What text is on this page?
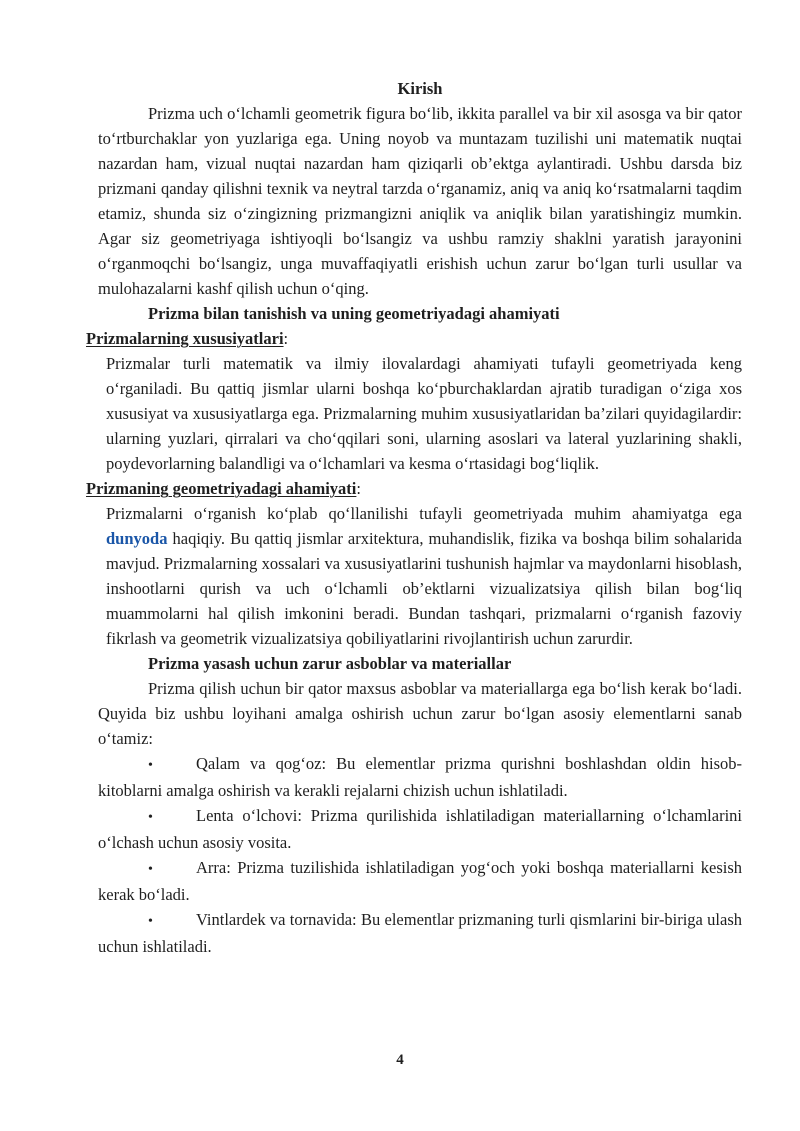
Kirish

Prizma uch o‘lchamli geometrik figura bo‘lib, ikkita parallel va bir xil asosga va bir qator to‘rtburchaklar yon yuzlariga ega. Uning noyob va muntazam tuzilishi uni matematik nuqtai nazardan ham, vizual nuqtai nazardan ham qiziqarli ob’ektga aylantiradi. Ushbu darsda biz prizmani qanday qilishni texnik va neytral tarzda o‘rganamiz, aniq va aniq ko‘rsatmalarni taqdim etamiz, shunda siz o‘zingizning prizmangizni aniqlik va aniqlik bilan yaratishingiz mumkin. Agar siz geometriyaga ishtiyoqli bo‘lsangiz va ushbu ramziy shaklni yaratish jarayonini o‘rganmoqchi bo‘lsangiz, unga muvaffaqiyatli erishish uchun zarur bo‘lgan turli usullar va mulohazalarni kashf qilish uchun o‘qing.

Prizma bilan tanishish va uning geometriyadagi ahamiyati

Prizmalarning xususiyatlari:

Prizmalar turli matematik va ilmiy ilovalardagi ahamiyati tufayli geometriyada keng o‘rganiladi. Bu qattiq jismlar ularni boshqa ko‘pburchaklardan ajratib turadigan o‘ziga xos xususiyat va xususiyatlarga ega. Prizmalarning muhim xususiyatlaridan ba’zilari quyidagilardir: ularning yuzlari, qirralari va cho‘qqilari soni, ularning asoslari va lateral yuzlarining shakli, poydevorlarning balandligi va o‘lchamlari va kesma o‘rtasidagi bog‘liqlik.

Prizmaning geometriyadagi ahamiyati:

Prizmalarni o‘rganish ko‘plab qo‘llanilishi tufayli geometriyada muhim ahamiyatga ega dunyoda haqiqiy. Bu qattiq jismlar arxitektura, muhandislik, fizika va boshqa bilim sohalarida mavjud. Prizmalarning xossalari va xususiyatlarini tushunish hajmlar va maydonlarni hisoblash, inshootlarni qurish va uch o‘lchamli ob’ektlarni vizualizatsiya qilish bilan bog‘liq muammolarni hal qilish imkonini beradi. Bundan tashqari, prizmalarni o‘rganish fazoviy fikrlash va geometrik vizualizatsiya qobiliyatlarini rivojlantirish uchun zarurdir.

Prizma yasash uchun zarur asboblar va materiallar

Prizma qilish uchun bir qator maxsus asboblar va materiallarga ega bo‘lish kerak bo‘ladi. Quyida biz ushbu loyihani amalga oshirish uchun zarur bo‘lgan asosiy elementlarni sanab o‘tamiz:

•	Qalam va qog‘oz: Bu elementlar prizma qurishni boshlashdan oldin hisob-kitoblarni amalga oshirish va kerakli rejalarni chizish uchun ishlatiladi.

•	Lenta o‘lchovi: Prizma qurilishida ishlatiladigan materiallarning o‘lchamlarini o‘lchash uchun asosiy vosita.

•	Arra: Prizma tuzilishida ishlatiladigan yog‘och yoki boshqa materiallarni kesish kerak bo‘ladi.

•	Vintlardek va tornavida: Bu elementlar prizmaning turli qismlarini bir-biriga ulash uchun ishlatiladi.

4
